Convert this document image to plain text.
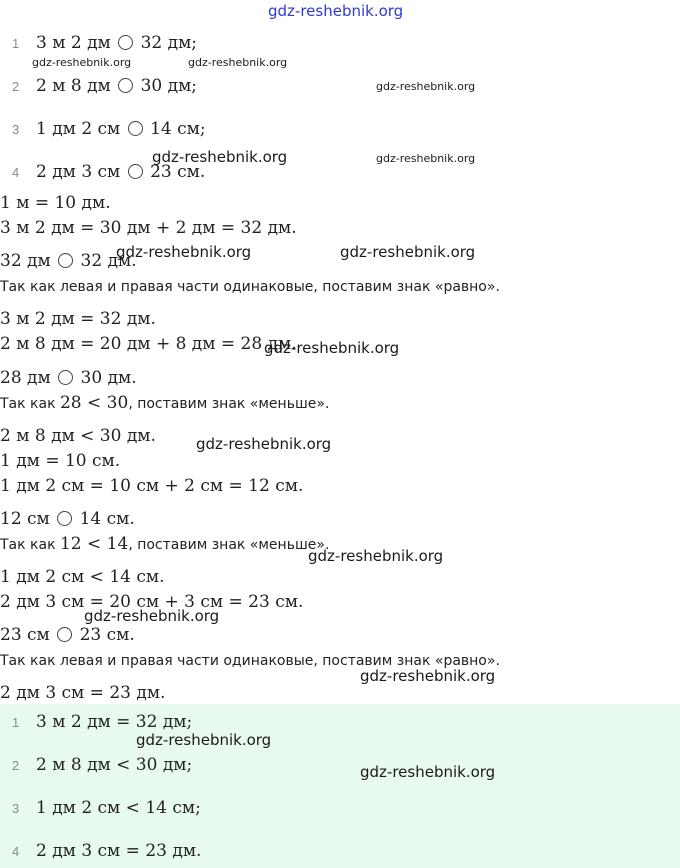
gdz-reshebnik.org
1 3 м 2 дм 32 дм;
2 2 м 8 дм 30 дм;
3 1 дм 2 см 14 см;
4 2 дм 3 см 23 см.
gdz-reshebnik.org	gdz-reshebnik.org
gdz-reshebnik.org
gdz-reshebnik.org
gdz-reshebnik.org
1 м = 10 дм.
3 м 2 дм = 30 дм + 2 дм = 32 дм.
32 дм 32 дм.
Так как левая и правая части одинаковые, поставим знак «равно».
3 м 2 дм = 32 дм.
2 м 8 дм = 20 дм + 8 дм = 28 дм.
28 дм 30 дм.
Так как 28 < 30, поставим знак «меньше».
2 м 8 дм < 30 дм.
1 дм = 10 см.
1 дм 2 см = 10 см + 2 см = 12 см.
12 см 14 см.
Так как 12 < 14, поставим знак «меньше».
1 дм 2 см < 14 см.
2 дм 3 см = 20 см + 3 см = 23 см.
23 см 23 см.
Так как левая и правая части одинаковые, поставим знак «равно».
2 дм 3 см = 23 дм.
gdz-reshebnik.org	gdz-reshebnik.org
gdz-reshebnik.org
gdz-reshebnik.org
gdz-reshebnik.org
gdz-reshebnik.org
gdz-reshebnik.org
1 3 м 2 дм = 32 дм;
2 2 м 8 дм < 30 дм;
3 1 дм 2 см < 14 см;
4 2 дм 3 см = 23 дм.
gdz-reshebnik.org
gdz-reshebnik.org
